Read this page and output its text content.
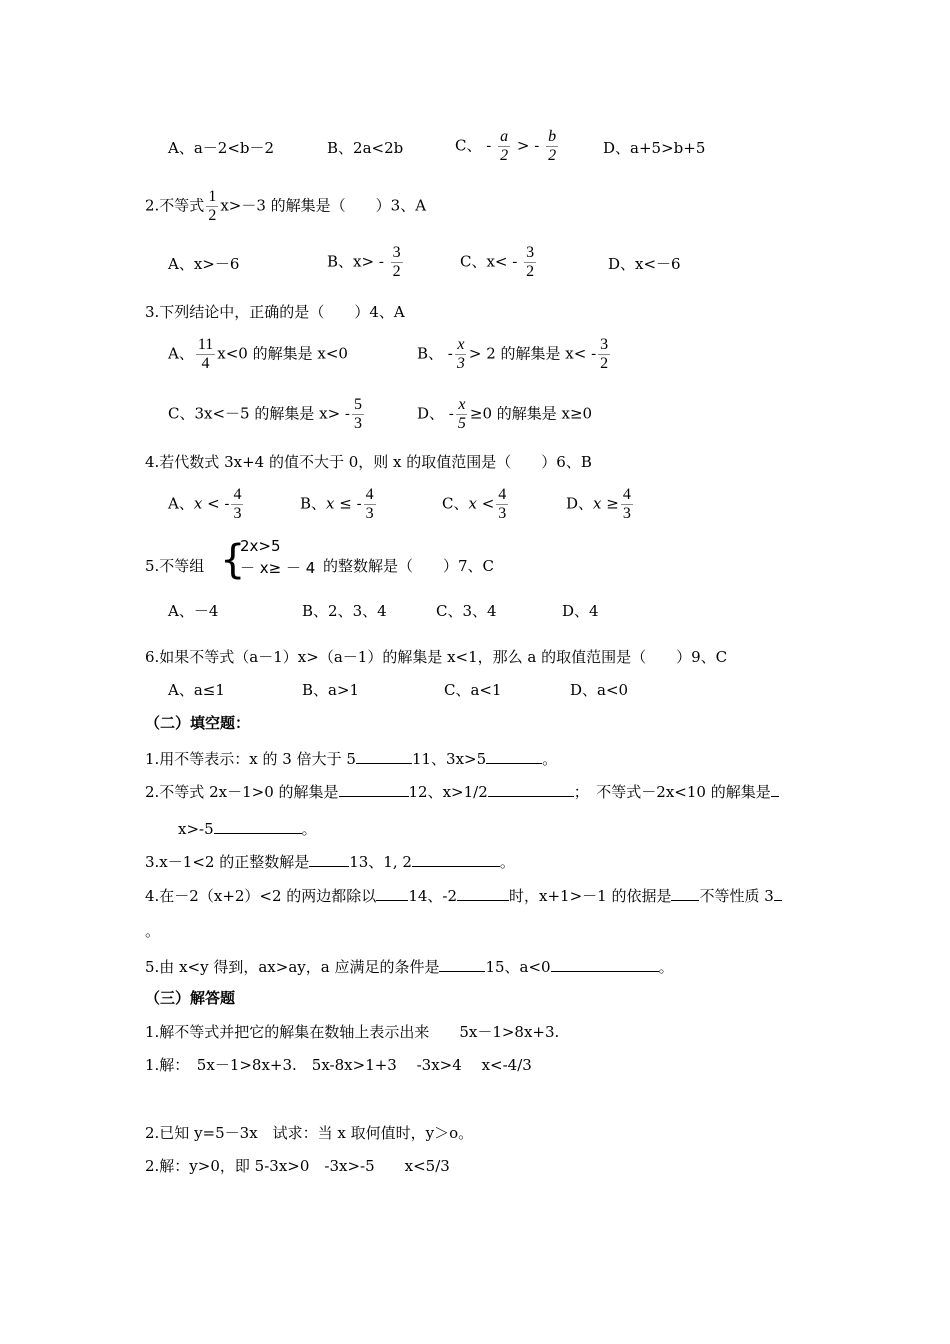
A、a－2<b－2	B、2a<2b	C、 - $\frac{a}{2}$ > - $\frac{b}{2}$	D、a+5>b+5
2.不等式 $\frac{1}{2} x>-3$ 的解集是（　　）3、A
A、x>－6	B、$x> - \frac{3}{2}$	C、$x< - \frac{3}{2}$	D、x<－6
3.下列结论中，正确的是（　　）4、A
A、 $\frac{11}{4} x<0$ 的解集是 x<0	B、 - $\frac{x}{3} > 2$ 的解集是 $x< - \frac{3}{2}$
C、3x<－5 的解集是 $x> - \frac{5}{3}$	D、 - $\frac{x}{5} \ge 0$ 的解集是 x≥0
4.若代数式 3x+4 的值不大于 0，则 x 的取值范围是（　　）6、B
A、x < - $\frac{4}{3}$	B、x ≤ - $\frac{4}{3}$	C、$x < \frac{4}{3}$	D、$x \ge \frac{4}{3}$
5.不等组 {
2x>5
－ x≥ － 4 的整数解是（　　）7、C
A、－4	B、2、3、4	C、3、4	D、4
6.如果不等式（a－1）x>（a－1）的解集是 x<1，那么 a 的取值范围是（　　）9、C
A、a≤1	B、a>1	C、a<1	D、a<0
（二）填空题：
1.用不等表示：x 的 3 倍大于 5	11、3x>5	。
2.不等式 2x－1>0 的解集是	12、x>1/2	；　不等式－2x<10 的解集是
x>-5	。
3.x－1<2 的正整数解是	13、1, 2	。
4.在－2（x+2）<2 的两边都除以 14、-2	时，x+1>－1 的依据是 不等性质 3
。
5.由 x<y 得到，ax>ay，a 应满足的条件是	15、a<0	。
（三）解答题
1.解不等式并把它的解集在数轴上表示出来　　5x－1>8x+3.
1.解：　5x－1>8x+3.　5x-8x>1+3　 -3x>4　 x<-4/3
2.已知 y=5－3x　试求：当 x 取何值时，y＞o。
2.解：y>0，即 5-3x>0　-3x>-5　　x<5/3
